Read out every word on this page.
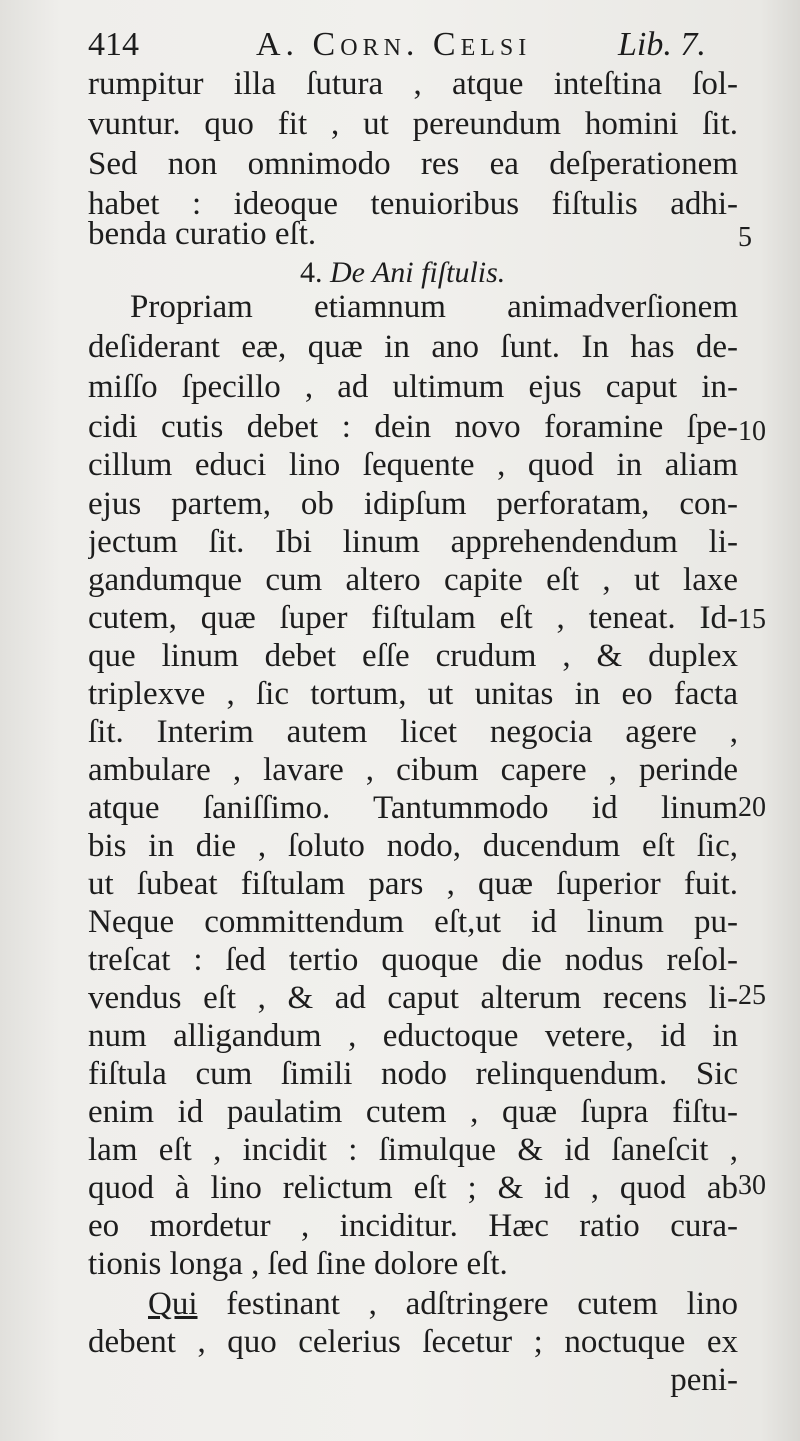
414	A. Corn. Celsi	Lib. 7.
rumpitur illa ſutura , atque inteſtina ſol-
vuntur. quo fit , ut pereundum homini ſit.
Sed non omnimodo res ea deſperationem
habet : ideoque tenuioribus fiſtulis adhi-
benda curatio eſt.
4. De Ani fiſtulis.
Propriam etiamnum animadverſionem
deſiderant eæ, quæ in ano ſunt. In has de-
miſſo ſpecillo , ad ultimum ejus caput in-
cidi cutis debet : dein novo foramine ſpe-
cillum educi lino ſequente , quod in aliam
ejus partem, ob idipſum perforatam, con-
jectum ſit. Ibi linum apprehendendum li-
gandumque cum altero capite eſt , ut laxe
cutem, quæ ſuper fiſtulam eſt , teneat. Id-
que linum debet eſſe crudum , & duplex
triplexve , ſic tortum, ut unitas in eo facta
ſit. Interim autem licet negocia agere ,
ambulare , lavare , cibum capere , perinde
atque ſaniſſimo. Tantummodo id linum
bis in die , ſoluto nodo, ducendum eſt ſic,
ut ſubeat fiſtulam pars , quæ ſuperior fuit.
Neque committendum eſt,ut id linum pu-
treſcat : ſed tertio quoque die nodus reſol-
vendus eſt , & ad caput alterum recens li-
num alligandum , eductoque vetere, id in
fiſtula cum ſimili nodo relinquendum. Sic
enim id paulatim cutem , quæ ſupra fiſtu-
lam eſt , incidit : ſimulque & id ſaneſcit ,
quod à lino relictum eſt ; & id , quod ab
eo mordetur , inciditur. Hæc ratio cura-
tionis longa , ſed ſine dolore eſt.
Qui festinant , adſtringere cutem lino
debent , quo celerius ſecetur ; noctuque ex
peni-
5
10
15
20
25
30
